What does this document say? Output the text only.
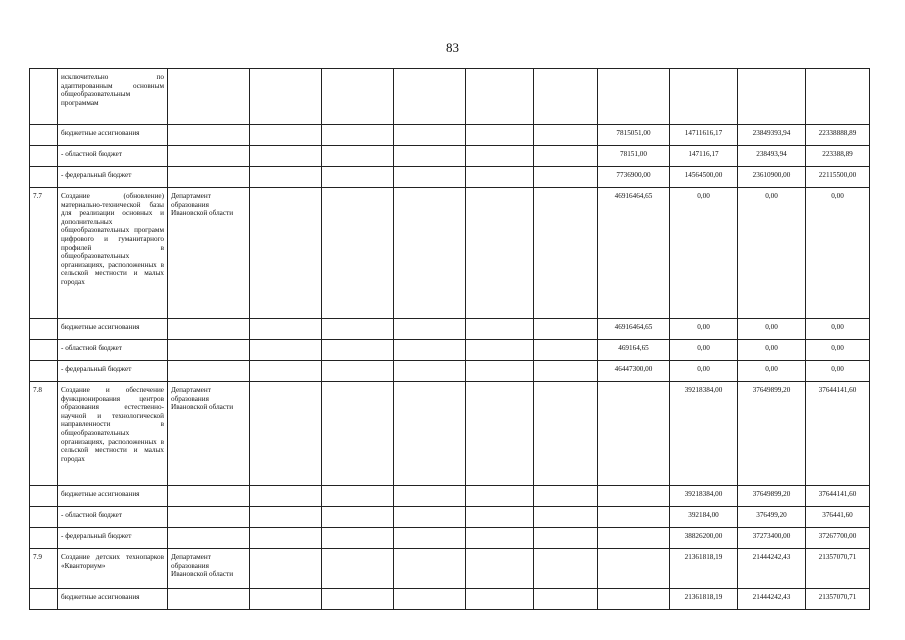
83
	исключительно по адаптированным основным общеобразовательным программам											
	бюджетные ассигнования							7815051,00	14711616,17	23849393,94	22338888,89	
	- областной бюджет							78151,00	147116,17	238493,94	223388,89	
	- федеральный бюджет							7736900,00	14564500,00	23610900,00	22115500,00	
7.7	Создание (обновление) материально-технической базы для реализации основных и дополнительных общеобразовательных программ цифрового и гуманитарного профилей в общеобразовательных организациях, расположенных в сельской местности и малых городах	Департамент образования Ивановской области						46916464,65	0,00	0,00	0,00	
	бюджетные ассигнования							46916464,65	0,00	0,00	0,00	
	- областной бюджет							469164,65	0,00	0,00	0,00	
	- федеральный бюджет							46447300,00	0,00	0,00	0,00	
7.8	Создание и обеспечение функционирования центров образования естественно-научной и технологической направленности в общеобразовательных организациях, расположенных в сельской местности и малых городах	Департамент образования Ивановской области							39218384,00	37649899,20	37644141,60	
	бюджетные ассигнования								39218384,00	37649899,20	37644141,60	
	- областной бюджет								392184,00	376499,20	376441,60	
	- федеральный бюджет								38826200,00	37273400,00	37267700,00	
7.9	Создание детских технопарков «Кванториум»	Департамент образования Ивановской области							21361818,19	21444242,43	21357070,71	
	бюджетные ассигнования								21361818,19	21444242,43	21357070,71	
